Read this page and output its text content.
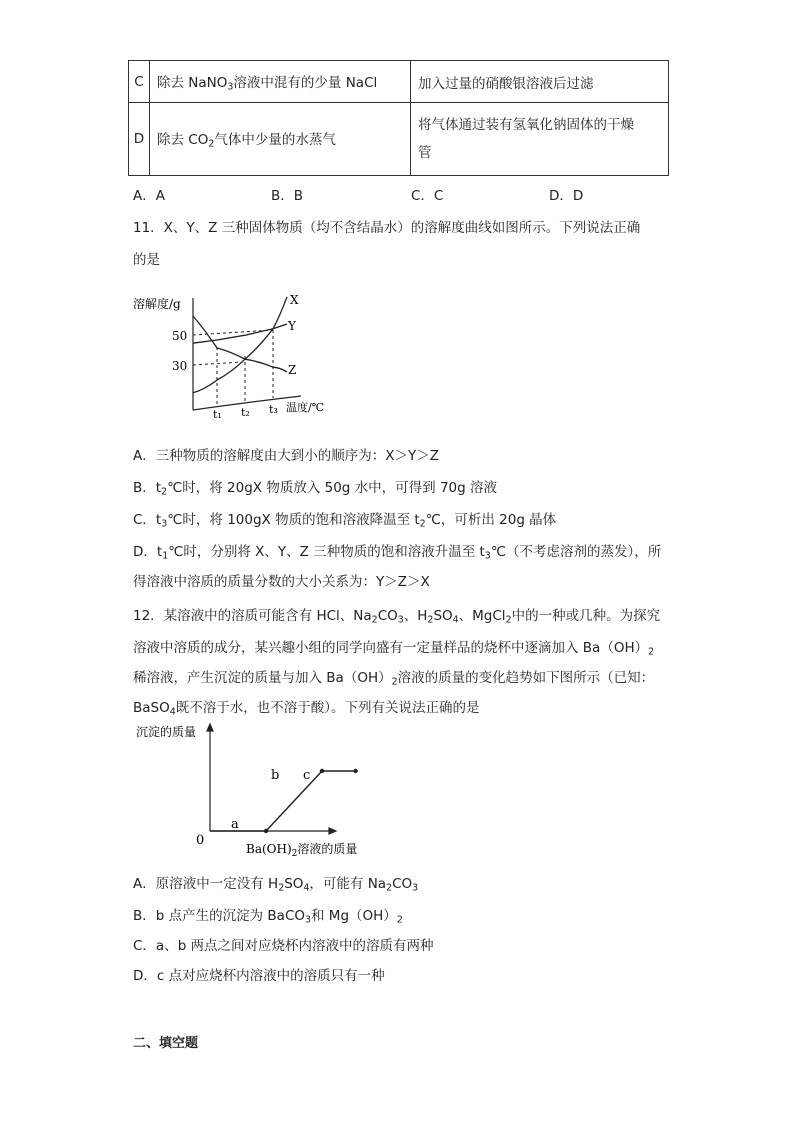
C	除去 NaNO$_3$溶液中混有的少量 NaCl	加入过量的硝酸银溶液后过滤
D	除去 $CO_2$气体中少量的水蒸气	将气体通过装有氢氧化钠固体的干燥
管
A．A	B．B	C．C	D．D
11．X、Y、Z 三种固体物质（均不含结晶水）的溶解度曲线如图所示。下列说法正确
的是
溶解度/g
50
30
t₁ t₂ t₃ 温度/℃
X
Y
Z
A．三种物质的溶解度由大到小的顺序为：X＞Y＞Z
B．$t_2℃$时，将 20gX 物质放入 50g 水中，可得到 70g 溶液
C．$t_3℃$时，将 100gX 物质的饱和溶液降温至 $t_2℃$，可析出 20g 晶体
D．$t_1℃$时，分别将 X、Y、Z 三种物质的饱和溶液升温至 $t_3℃$（不考虑溶剂的蒸发），所
得溶液中溶质的质量分数的大小关系为：Y＞Z＞X
12．某溶液中的溶质可能含有 HCl、$Na_2CO_3$、$H_2SO_4$、MgCl$_2$中的一种或几种。为探究
溶液中溶质的成分，某兴趣小组的同学向盛有一定量样品的烧杯中逐滴加入 $Ba(OH)_2$
稀溶液，产生沉淀的质量与加入 $Ba(OH)_2$溶液的质量的变化趋势如下图所示（已知：
BaSO$_4$既不溶于水，也不溶于酸）。下列有关说法正确的是
沉淀的质量
0
a
b c
$Ba(OH)_2$溶液的质量
A．原溶液中一定没有 $H_2SO_4$，可能有 $Na_2CO_3$
B．b 点产生的沉淀为 BaCO$_3$和 $Mg(OH)_2$
C．a、b 两点之间对应烧杯内溶液中的溶质有两种
D．c 点对应烧杯内溶液中的溶质只有一种
二、填空题
